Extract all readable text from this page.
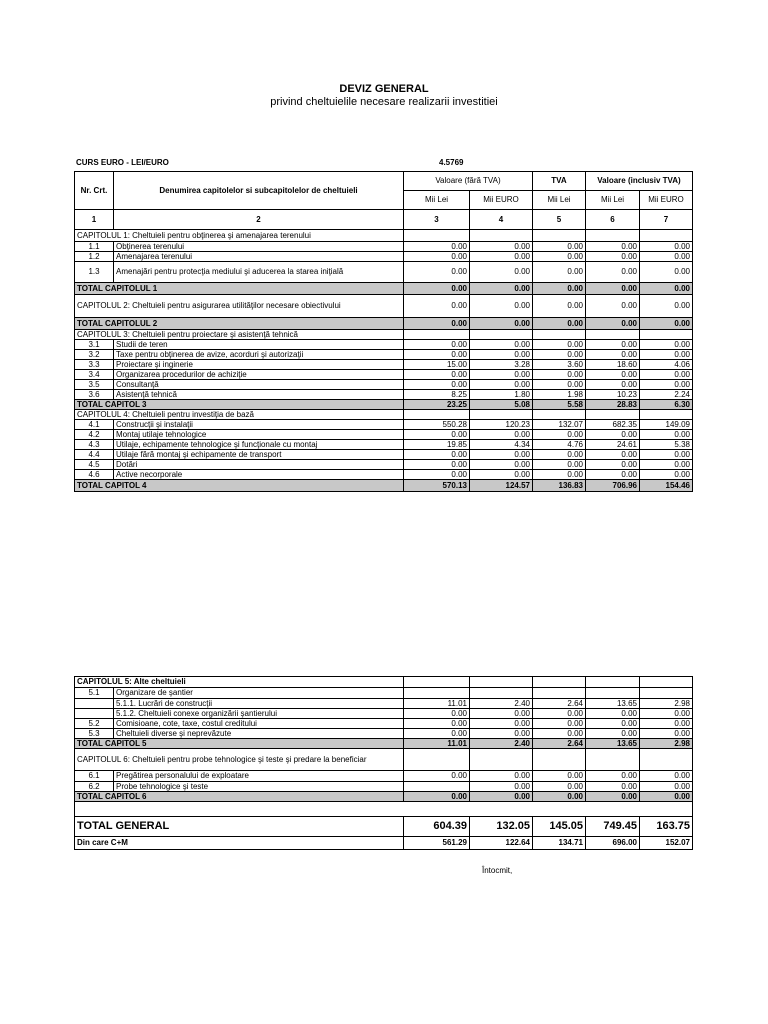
DEVIZ GENERAL
privind cheltuielile necesare realizarii investitiei
CURS EURO - LEI/EURO	4.5769
Nr. Crt.	Denumirea capitolelor si subcapitolelor de cheltuieli	Valoare (fără TVA)		TVA	Valoare (inclusiv TVA)	
		Mii Lei	Mii EURO	Mii Lei	Mii Lei	Mii EURO
1	2	3	4	5	6	7
CAPITOLUL 1: Cheltuieli pentru obţinerea şi amenajarea terenului						
1.1	Obţinerea terenului	0.00	0.00	0.00	0.00	0.00
1.2	Amenajarea terenului	0.00	0.00	0.00	0.00	0.00
1.3	Amenajări pentru protecţia mediului şi aducerea la starea iniţială	0.00	0.00	0.00	0.00	0.00
TOTAL CAPITOLUL 1		0.00	0.00	0.00	0.00	0.00
CAPITOLUL 2: Cheltuieli pentru asigurarea utilităţilor necesare obiectivului		0.00	0.00	0.00	0.00	0.00
TOTAL CAPITOLUL 2		0.00	0.00	0.00	0.00	0.00
CAPITOLUL 3: Cheltuieli pentru proiectare şi asistenţă tehnică						
3.1	Studii de teren	0.00	0.00	0.00	0.00	0.00
3.2	Taxe pentru obţinerea de avize, acorduri şi autorizaţii	0.00	0.00	0.00	0.00	0.00
3.3	Proiectare şi inginerie	15.00	3.28	3.60	18.60	4.06
3.4	Organizarea procedurilor de achiziţie	0.00	0.00	0.00	0.00	0.00
3.5	Consultanţă	0.00	0.00	0.00	0.00	0.00
3.6	Asistenţă tehnică	8.25	1.80	1.98	10.23	2.24
TOTAL CAPITOL 3		23.25	5.08	5.58	28.83	6.30
CAPITOLUL 4: Cheltuieli pentru investiţia de bază						
4.1	Construcţii şi instalaţii	550.28	120.23	132.07	682.35	149.09
4.2	Montaj utilaje tehnologice	0.00	0.00	0.00	0.00	0.00
4.3	Utilaje, echipamente tehnologice şi funcţionale cu montaj	19.85	4.34	4.76	24.61	5.38
4.4	Utilaje fără montaj şi echipamente de transport	0.00	0.00	0.00	0.00	0.00
4.5	Dotări	0.00	0.00	0.00	0.00	0.00
4.6	Active necorporale	0.00	0.00	0.00	0.00	0.00
TOTAL CAPITOL 4		570.13	124.57	136.83	706.96	154.46
CAPITOLUL 5: Alte cheltuieli						
5.1	Organizare de şantier					
	5.1.1. Lucrări de construcţii	11.01	2.40	2.64	13.65	2.98
	5.1.2. Cheltuieli conexe organizării şantierului	0.00	0.00	0.00	0.00	0.00
5.2	Comisioane, cote, taxe, costul creditului	0.00	0.00	0.00	0.00	0.00
5.3	Cheltuieli diverse şi neprevăzute	0.00	0.00	0.00	0.00	0.00
TOTAL CAPITOL 5		11.01	2.40	2.64	13.65	2.98
CAPITOLUL 6: Cheltuieli pentru probe tehnologice şi teste şi predare la beneficiar						
6.1	Pregătirea personalului de exploatare	0.00	0.00	0.00	0.00	0.00
6.2	Probe tehnologice şi teste		0.00	0.00	0.00	0.00
TOTAL CAPITOL 6		0.00	0.00	0.00	0.00	0.00

TOTAL GENERAL		604.39	132.05	145.05	749.45	163.75
Din care C+M		561.29	122.64	134.71	696.00	152.07
Întocmit,
